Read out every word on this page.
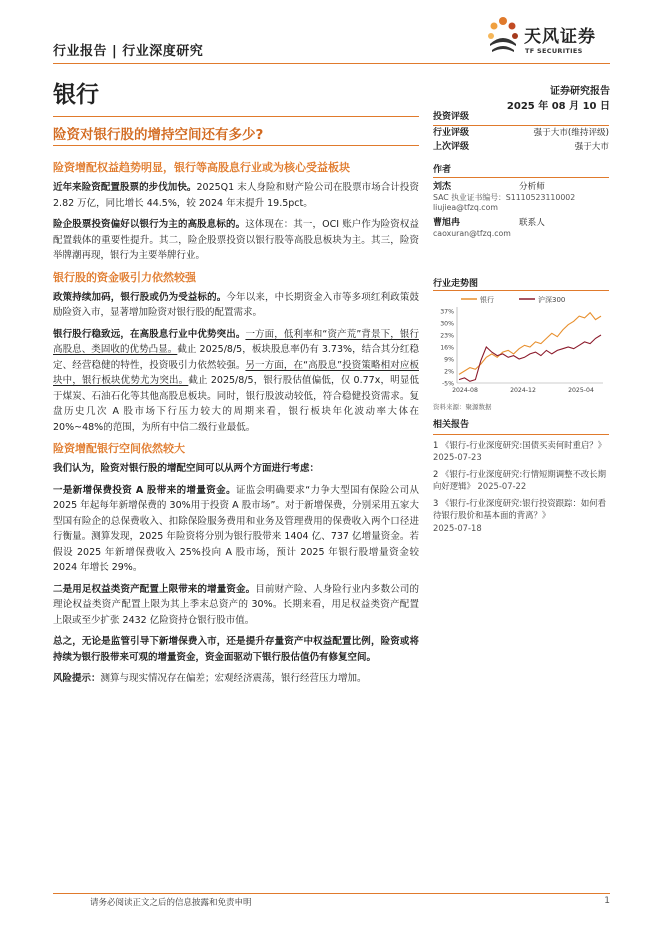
行业报告 | 行业深度研究
天风证券
TF SECURITIES
银行	证券研究报告
2025 年 08 月 10 日
险资对银行股的增持空间还有多少?
险资增配权益趋势明显，银行等高股息行业或为核心受益板块
近年来险资配置股票的步伐加快。2025Q1 末人身险和财产险公司在股票市场合计投资 2.82 万亿，同比增长 44.5%，较 2024 年末提升 19.5pct。
险企股票投资偏好以银行为主的高股息标的。这体现在：其一，OCI 账户作为险资权益配置载体的重要性提升。其二，险企股票投资以银行股等高股息板块为主。其三，险资举牌潮再现，银行为主要举牌行业。
银行股的资金吸引力依然较强
政策持续加码，银行股或仍为受益标的。今年以来，中长期资金入市等多项红利政策鼓励险资入市，显著增加险资对银行股的配置需求。
银行股行稳致远，在高股息行业中优势突出。一方面，低利率和“资产荒”背景下，银行高股息、类固收的优势凸显。截止 2025/8/5，板块股息率仍有 3.73%，结合其分红稳定、经营稳健的特性，投资吸引力依然较强。另一方面，在“高股息”投资策略相对应板块中，银行板块优势尤为突出。截止 2025/8/5，银行股估值偏低，仅 0.77x，明显低于煤炭、石油石化等其他高股息板块。同时，银行股波动较低，符合稳健投资需求。复盘历史几次 A 股市场下行压力较大的周期来看，银行板块年化波动率大体在 20%~48%的范围，为所有中信二级行业最低。
险资增配银行空间依然较大
我们认为，险资对银行股的增配空间可以从两个方面进行考虑：
一是新增保费投资 A 股带来的增量资金。证监会明确要求“力争大型国有保险公司从 2025 年起每年新增保费的 30%用于投资 A 股市场”。对于新增保费，分别采用五家大型国有险企的总保费收入、扣除保险服务费用和业务及管理费用的保费收入两个口径进行衡量。测算发现，2025 年险资将分别为银行股带来 1404 亿、737 亿增量资金。若假设 2025 年新增保费收入 25%投向 A 股市场，预计 2025 年银行股增量资金较 2024 年增长 29%。
二是用足权益类资产配置上限带来的增量资金。目前财产险、人身险行业内多数公司的理论权益类资产配置上限为其上季末总资产的 30%。长期来看，用足权益类资产配置上限或至少扩张 2432 亿险资持仓银行股市值。
总之，无论是监管引导下新增保费入市，还是提升存量资产中权益配置比例，险资或将持续为银行股带来可观的增量资金，资金面驱动下银行股估值仍有修复空间。
风险提示：测算与现实情况存在偏差；宏观经济震荡，银行经营压力增加。
投资评级
行业评级	强于大市(维持评级)
上次评级	强于大市
作者
刘杰	分析师
SAC 执业证书编号：S1110523110002
liujiea@tfzq.com
曹旭冉	联系人
caoxuran@tfzq.com
行业走势图
银行	沪深300
37%
30%
23%
16%
9%
2%
-5%
2024-08	2024-12	2025-04
资料来源：聚源数据
相关报告
1 《银行-行业深度研究:国债买卖何时重启？》 2025-07-23
2 《银行-行业深度研究:行情短期调整不改长期向好逻辑》 2025-07-22
3 《银行-行业深度研究:银行投资跟踪：如何看待银行股价和基本面的背离？》
2025-07-18
请务必阅读正文之后的信息披露和免责申明	1
